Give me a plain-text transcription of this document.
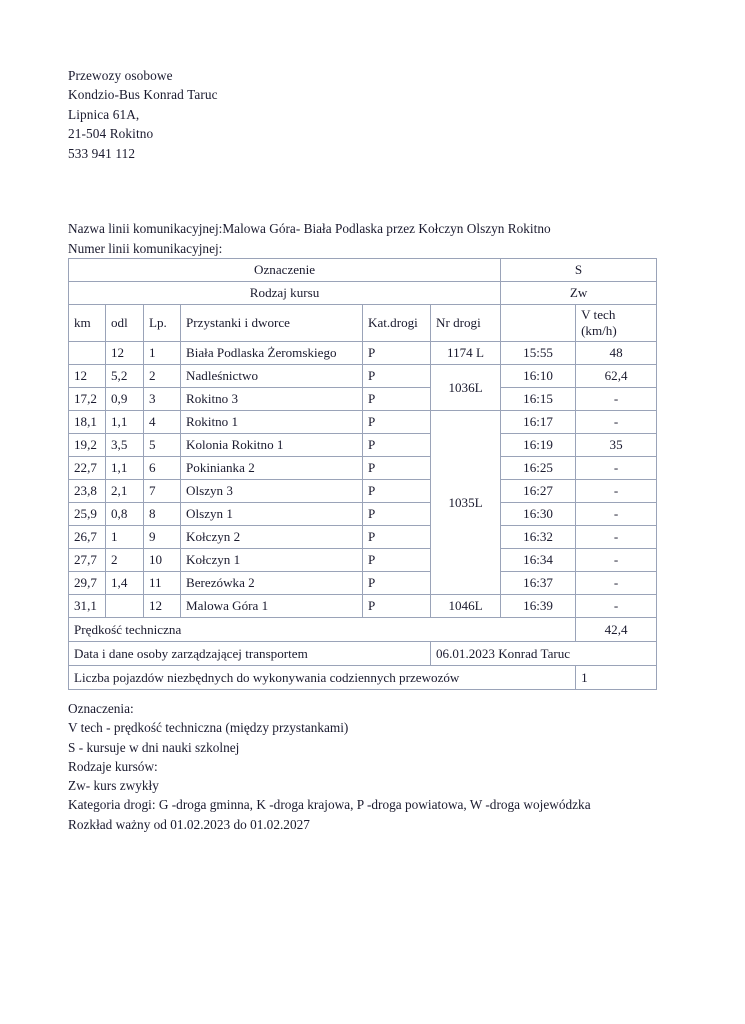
Przewozy osobowe
Kondzio-Bus Konrad Taruc
Lipnica 61A,
21-504 Rokitno
533 941 112
Nazwa linii komunikacyjnej:Malowa Góra- Biała Podlaska przez Kołczyn Olszyn Rokitno
Numer linii komunikacyjnej:
Oznaczenie						S	
Rodzaj kursu						Zw	
km	odl	Lp.	Przystanki i dworce	Kat.drogi	Nr drogi		V tech
(km/h)
	12	1	Biała Podlaska Żeromskiego	P	1174 L	15:55	48
12	5,2	2	Nadleśnictwo	P	1036L	16:10	62,4
17,2	0,9	3	Rokitno 3	P		16:15	-
18,1	1,1	4	Rokitno 1	P	1035L	16:17	-
19,2	3,5	5	Kolonia Rokitno 1	P		16:19	35
22,7	1,1	6	Pokinianka 2	P		16:25	-
23,8	2,1	7	Olszyn 3	P		16:27	-
25,9	0,8	8	Olszyn 1	P		16:30	-
26,7	1	9	Kołczyn 2	P		16:32	-
27,7	2	10	Kołczyn 1	P		16:34	-
29,7	1,4	11	Berezówka 2	P		16:37	-
31,1		12	Malowa Góra 1	P	1046L	16:39	-
Prędkość techniczna							42,4
Data i dane osoby zarządzającej transportem					06.01.2023 Konrad Taruc		
Liczba pojazdów niezbędnych do wykonywania codziennych przewozów							1
Oznaczenia:
V tech - prędkość techniczna (między przystankami)
S - kursuje w dni nauki szkolnej
Rodzaje kursów:
Zw- kurs zwykły
Kategoria drogi: G -droga gminna, K -droga krajowa, P -droga powiatowa, W -droga wojewódzka
Rozkład ważny od 01.02.2023 do 01.02.2027
